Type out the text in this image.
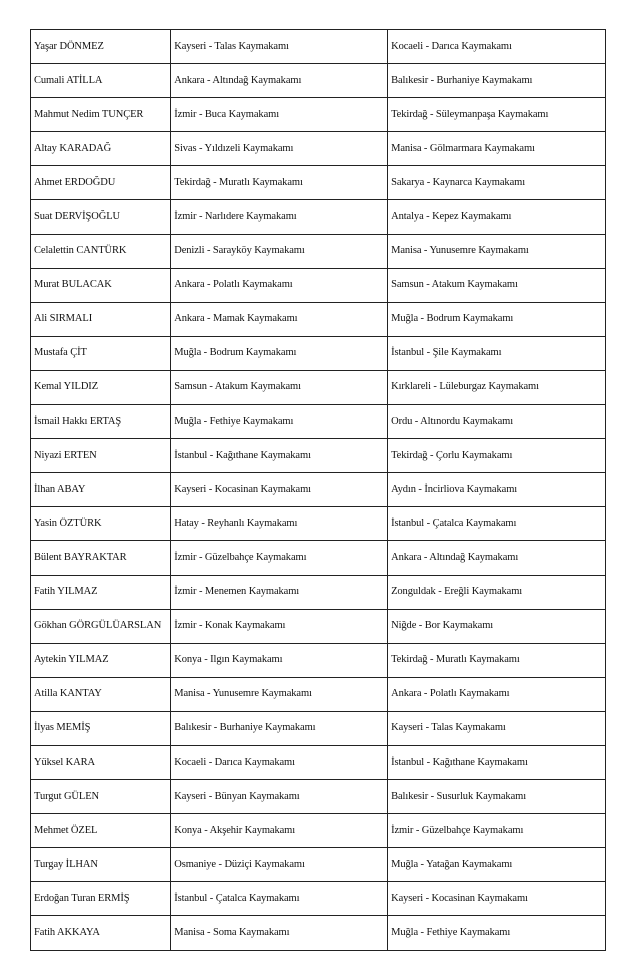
Yaşar DÖNMEZ	Kayseri - Talas Kaymakamı	Kocaeli - Darıca Kaymakamı
Cumali ATİLLA	Ankara - Altındağ Kaymakamı	Balıkesir - Burhaniye Kaymakamı
Mahmut Nedim TUNÇER	İzmir - Buca Kaymakamı	Tekirdağ - Süleymanpaşa Kaymakamı
Altay KARADAĞ	Sivas - Yıldızeli Kaymakamı	Manisa - Gölmarmara Kaymakamı
Ahmet ERDOĞDU	Tekirdağ - Muratlı Kaymakamı	Sakarya - Kaynarca Kaymakamı
Suat DERVİŞOĞLU	İzmir - Narlıdere Kaymakamı	Antalya - Kepez Kaymakamı
Celalettin CANTÜRK	Denizli - Sarayköy Kaymakamı	Manisa - Yunusemre Kaymakamı
Murat BULACAK	Ankara - Polatlı Kaymakamı	Samsun - Atakum Kaymakamı
Ali SIRMALI	Ankara - Mamak Kaymakamı	Muğla - Bodrum Kaymakamı
Mustafa ÇİT	Muğla - Bodrum Kaymakamı	İstanbul - Şile Kaymakamı
Kemal YILDIZ	Samsun - Atakum Kaymakamı	Kırklareli - Lüleburgaz Kaymakamı
İsmail Hakkı ERTAŞ	Muğla - Fethiye Kaymakamı	Ordu - Altınordu Kaymakamı
Niyazi ERTEN	İstanbul - Kağıthane Kaymakamı	Tekirdağ - Çorlu Kaymakamı
İlhan ABAY	Kayseri - Kocasinan Kaymakamı	Aydın - İncirliova Kaymakamı
Yasin ÖZTÜRK	Hatay - Reyhanlı Kaymakamı	İstanbul - Çatalca Kaymakamı
Bülent BAYRAKTAR	İzmir - Güzelbahçe Kaymakamı	Ankara - Altındağ Kaymakamı
Fatih YILMAZ	İzmir - Menemen Kaymakamı	Zonguldak - Ereğli Kaymakamı
Gökhan GÖRGÜLÜARSLAN	İzmir - Konak Kaymakamı	Niğde - Bor Kaymakamı
Aytekin YILMAZ	Konya - Ilgın Kaymakamı	Tekirdağ - Muratlı Kaymakamı
Atilla KANTAY	Manisa - Yunusemre Kaymakamı	Ankara - Polatlı Kaymakamı
İlyas MEMİŞ	Balıkesir - Burhaniye Kaymakamı	Kayseri - Talas Kaymakamı
Yüksel KARA	Kocaeli - Darıca Kaymakamı	İstanbul - Kağıthane Kaymakamı
Turgut GÜLEN	Kayseri - Bünyan Kaymakamı	Balıkesir - Susurluk Kaymakamı
Mehmet ÖZEL	Konya - Akşehir Kaymakamı	İzmir - Güzelbahçe Kaymakamı
Turgay İLHAN	Osmaniye - Düziçi Kaymakamı	Muğla - Yatağan Kaymakamı
Erdoğan Turan ERMİŞ	İstanbul - Çatalca Kaymakamı	Kayseri - Kocasinan Kaymakamı
Fatih AKKAYA	Manisa - Soma Kaymakamı	Muğla - Fethiye Kaymakamı
